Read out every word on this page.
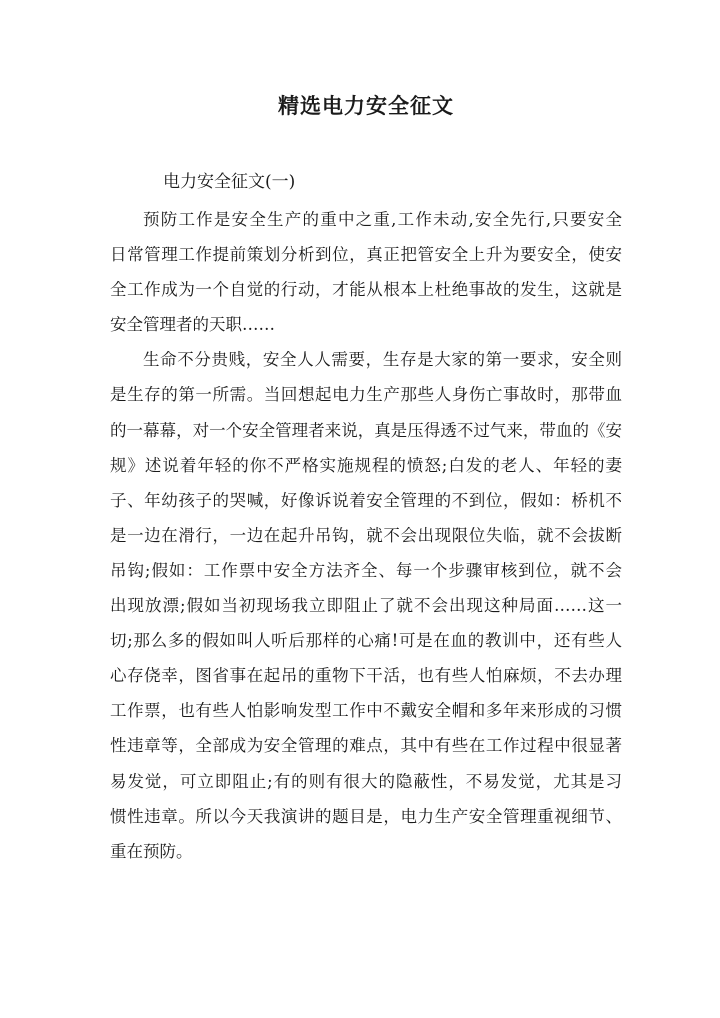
精选电力安全征文

电力安全征文(一)

预防工作是安全生产的重中之重,工作未动,安全先行,只要安全
日常管理工作提前策划分析到位，真正把管安全上升为要安全，使安
全工作成为一个自觉的行动，才能从根本上杜绝事故的发生，这就是
安全管理者的天职……
生命不分贵贱，安全人人需要，生存是大家的第一要求，安全则
是生存的第一所需。当回想起电力生产那些人身伤亡事故时，那带血
的一幕幕，对一个安全管理者来说，真是压得透不过气来，带血的《安
规》述说着年轻的你不严格实施规程的愤怒;白发的老人、年轻的妻
子、年幼孩子的哭喊，好像诉说着安全管理的不到位，假如：桥机不
是一边在滑行，一边在起升吊钩，就不会出现限位失临，就不会拔断
吊钩;假如：工作票中安全方法齐全、每一个步骤审核到位，就不会
出现放漂;假如当初现场我立即阻止了就不会出现这种局面……这一
切;那么多的假如叫人听后那样的心痛!可是在血的教训中，还有些人
心存侥幸，图省事在起吊的重物下干活，也有些人怕麻烦，不去办理
工作票，也有些人怕影响发型工作中不戴安全帽和多年来形成的习惯
性违章等，全部成为安全管理的难点，其中有些在工作过程中很显著
易发觉，可立即阻止;有的则有很大的隐蔽性，不易发觉，尤其是习
惯性违章。所以今天我演讲的题目是，电力生产安全管理重视细节、
重在预防。
